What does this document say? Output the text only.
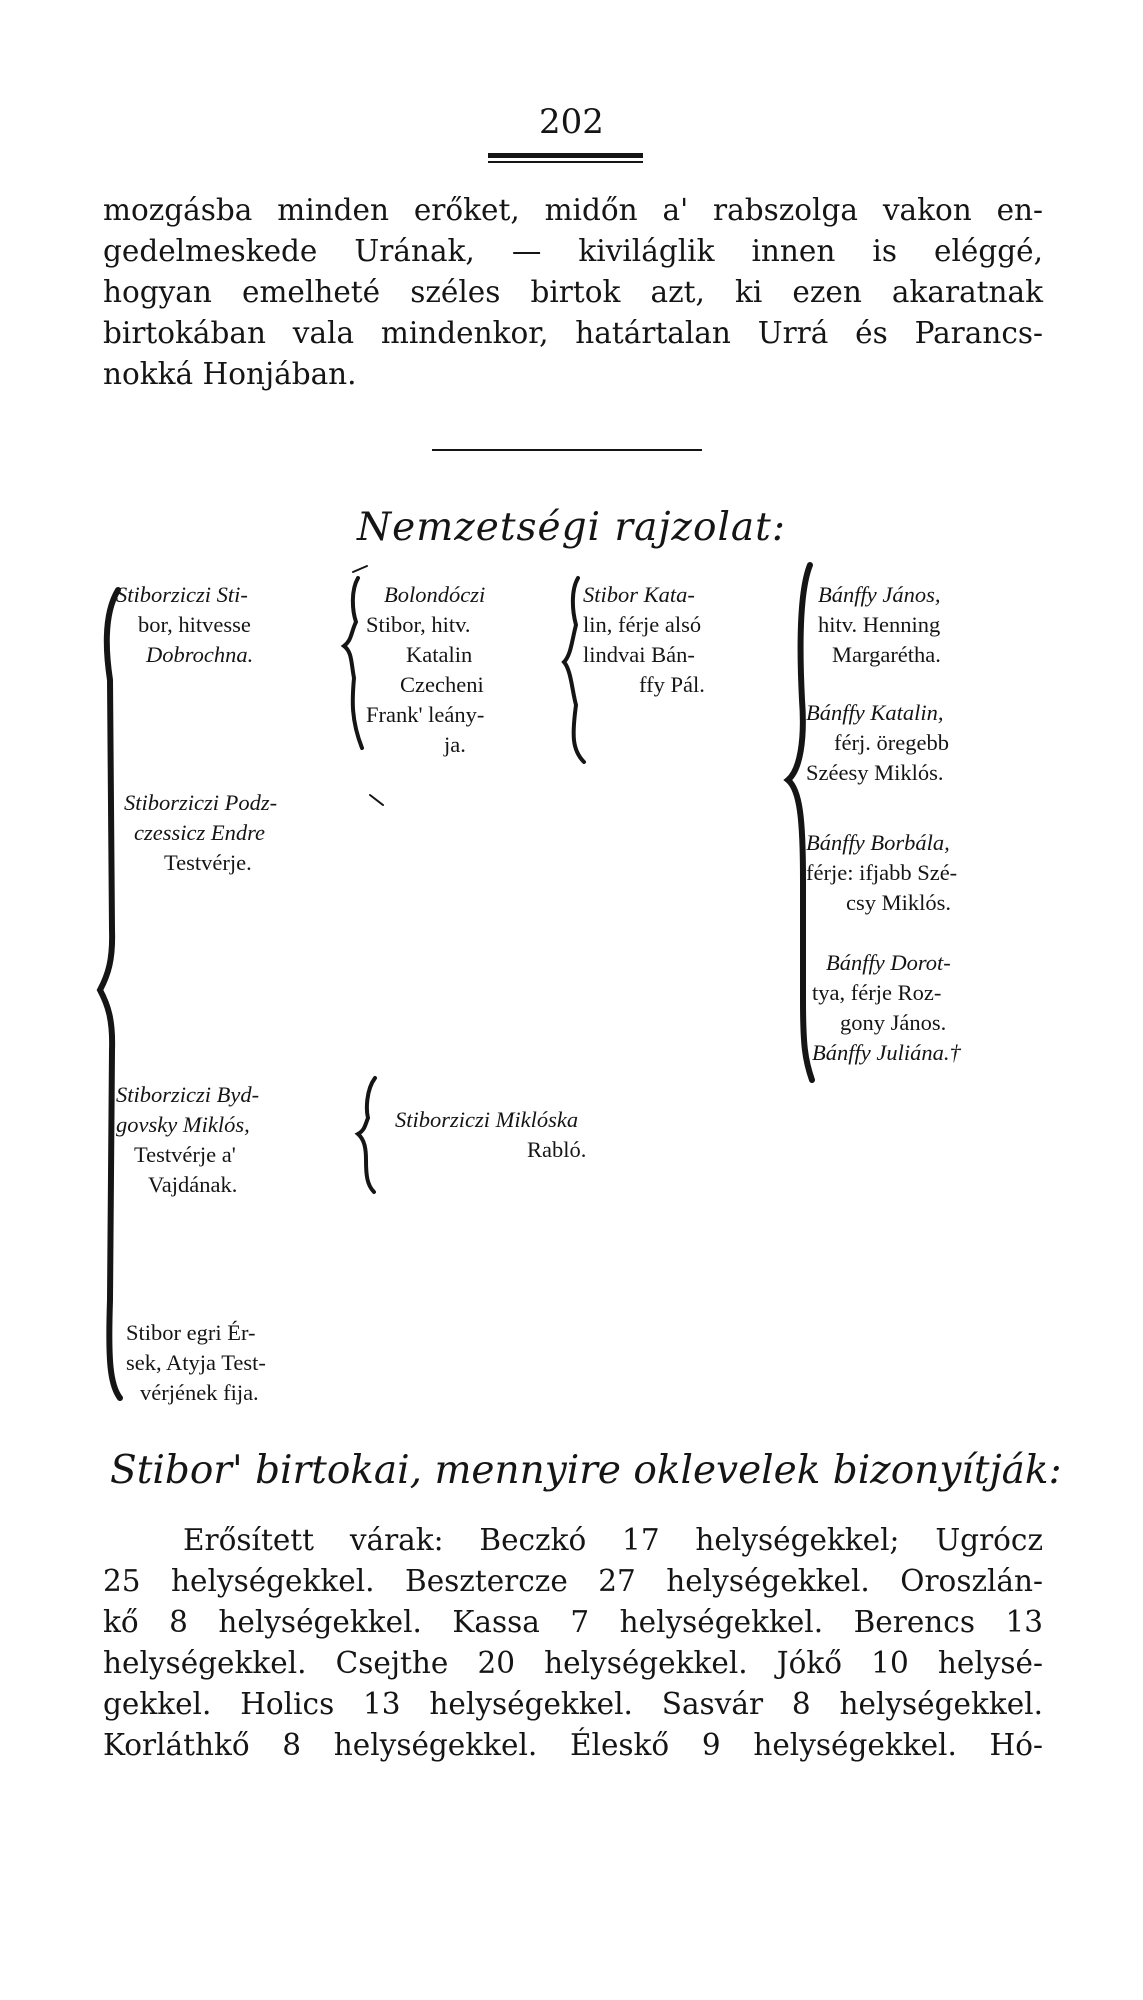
202
mozgásba minden erőket, midőn a' rabszolga vakon en-
gedelmeskede Urának, — kiviláglik innen is eléggé,
hogyan emelheté széles birtok azt, ki ezen akaratnak
birtokában vala mindenkor, határtalan Urrá és Parancs-
nokká Honjában.
Nemzetségi rajzolat:
Stiborziczi Sti-
bor, hitvesse
Dobrochna.
Stiborziczi Podz-
czessicz Endre
Testvérje.
Stiborziczi Byd-
govsky Miklós,
Testvérje a'
Vajdának.
Stibor egri Ér-
sek, Atyja Test-
vérjének fija.
Bolondóczi
Stibor, hitv.
Katalin
Czecheni
Frank' leány-
ja.
Stiborziczi Miklóska
Rabló.
Stibor Kata-
lin, férje alsó
lindvai Bán-
ffy Pál.
Bánffy János,
hitv. Henning
Margarétha.
Bánffy Katalin,
férj. öregebb
Széesy Miklós.
Bánffy Borbála,
férje: ifjabb Szé-
csy Miklós.
Bánffy Dorot-
tya, férje Roz-
gony János.
Bánffy Juliána.†
Stibor' birtokai, mennyire oklevelek bizonyítják:
Erősített várak: Beczkó 17 helységekkel; Ugrócz
25 helységekkel. Beszterczе 27 helységekkel. Oroszlán-
kő 8 helységekkel. Kassa 7 helységekkel. Berencs 13
helységekkel. Csejthe 20 helységekkel. Jókő 10 helysé-
gekkel. Holics 13 helységekkel. Sasvár 8 helységekkel.
Korláthkő 8 helységekkel. Éleskő 9 helységekkel. Hó-
